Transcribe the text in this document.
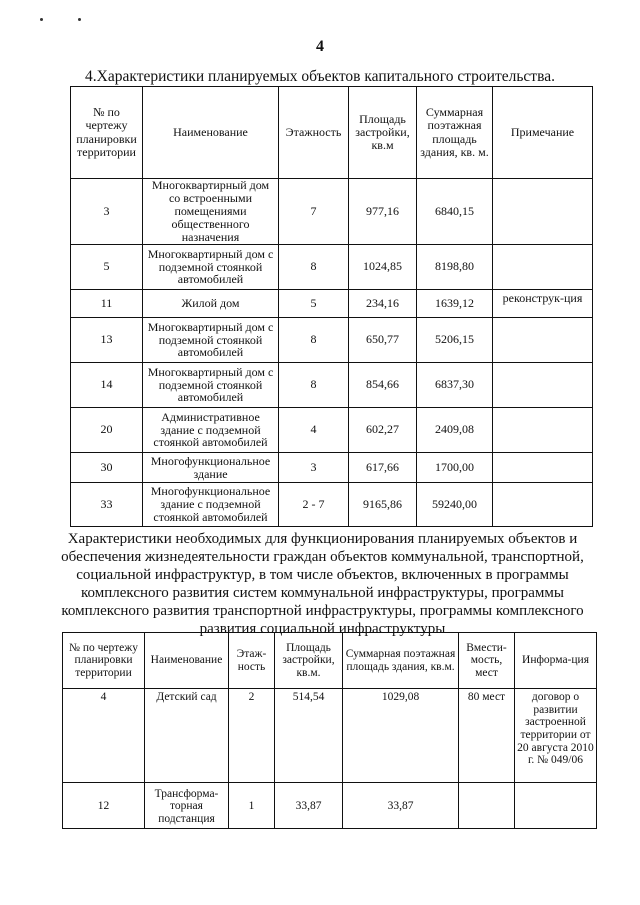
4
4.Характеристики планируемых объектов капитального строительства.
№ по чертежу планировки территории	Наименование	Этажность	Площадь застройки, кв.м	Суммарная поэтажная площадь здания, кв. м.	Примечание
3	Многоквартирный дом со встроенными помещениями общественного назначения	7	977,16	6840,15	
5	Многоквартирный дом с подземной стоянкой автомобилей	8	1024,85	8198,80	
11	Жилой дом	5	234,16	1639,12	реконструк-ция
13	Многоквартирный дом с подземной стоянкой автомобилей	8	650,77	5206,15	
14	Многоквартирный дом с подземной стоянкой автомобилей	8	854,66	6837,30	
20	Административное здание с подземной стоянкой автомобилей	4	602,27	2409,08	
30	Многофункциональное здание	3	617,66	1700,00	
33	Многофункциональное здание с подземной стоянкой автомобилей	2 - 7	9165,86	59240,00	
Характеристики необходимых для функционирования планируемых объектов и обеспечения жизнедеятельности граждан объектов коммунальной, транспортной, социальной инфраструктур, в том числе объектов, включенных в программы комплексного развития систем коммунальной инфраструктуры, программы комплексного развития транспортной инфраструктуры, программы комплексного развития социальной инфраструктуры
№ по чертежу планировки территории	Наименование	Этаж-ность	Площадь застройки, кв.м.	Суммарная поэтажная площадь здания, кв.м.	Вмести-мость, мест	Информа-ция
4	Детский сад	2	514,54	1029,08	80 мест	договор о развитии застроенной территории от 20 августа 2010 г. № 049/06
12	Трансформа-торная подстанция	1	33,87	33,87		
